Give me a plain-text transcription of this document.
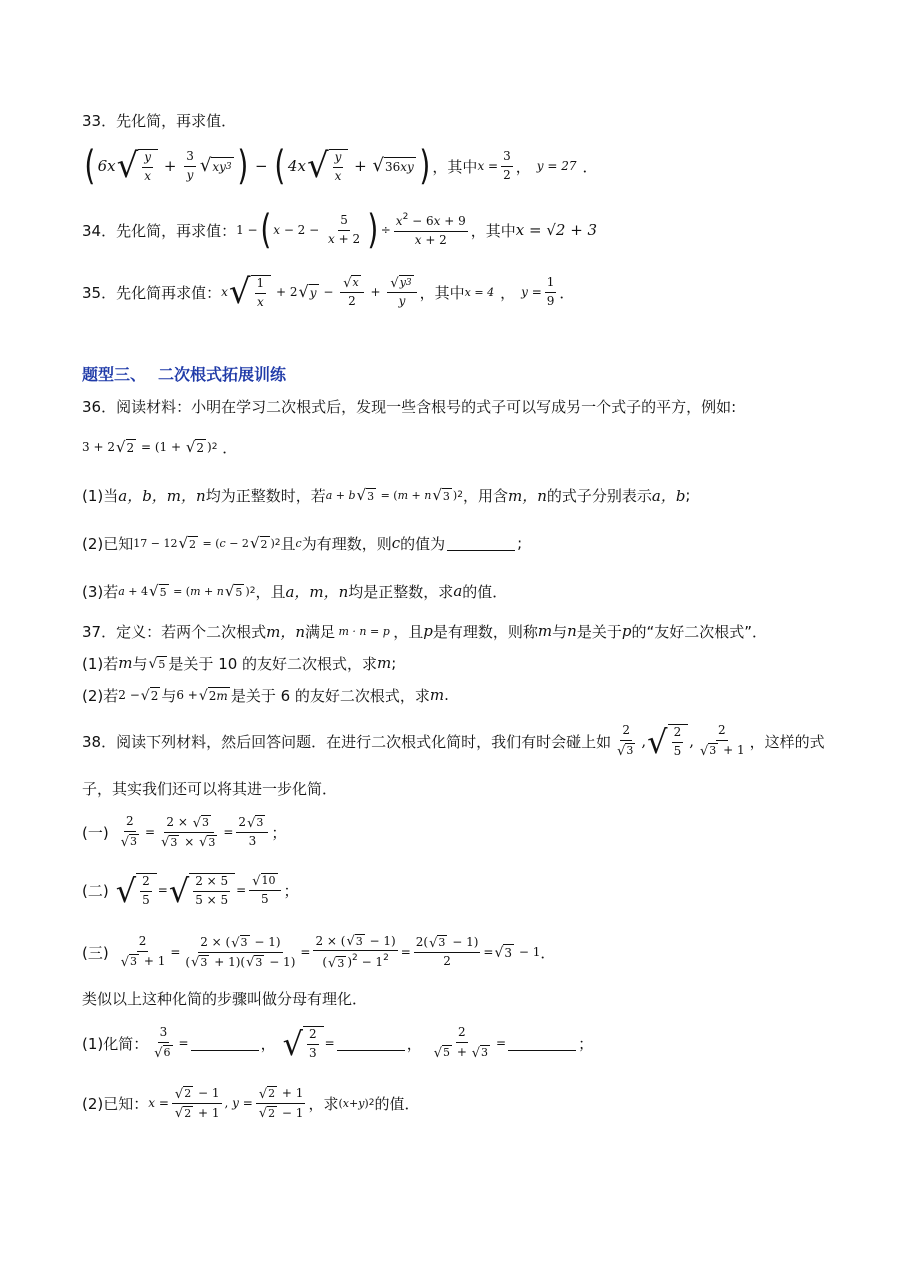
33．先化简，再求值．
( 6x √ $\frac{y}{x} + \frac{3}{y}$ √ xy 3 ) − ( 4x √ $\frac{y}{x}$ + √ 36 xy ) ，其中 $x = \frac{3}{2}$ ， y = 27 ．
34．先化简，再求值： 1 − ( $x - 2 - \frac{5}{x + 2}$ ) ÷ $\frac{x^2 - 6x + 9}{x + 2}$ ，其中 x = √2 + 3
35．先化简再求值： x √ $\frac{1}{x} + 2$ √ $y - \frac{√ x}{2} + \frac{√ y 3}{y}$ ，其中 x = 4 ， $y = \frac{1}{9}$ ．
题型三、 二次根式拓展训练
36．阅读材料：小明在学习二次根式后，发现一些含根号的式子可以写成另一个式子的平方，例如:
3 + 2 √ 2 = (1 + √ 2 ) 2 ．
(1)当 a，b，m，n 均为正整数时，若 a + b √ 3 = ( m + n √ 3 ) 2 ，用含 m，n 的式子分别表示 a，b ;
(2)已知 17 − 12 √ 2 = ( c − 2 √ 2 ) 2 且 c 为有理数，则 c 的值为	;
(3)若 a + 4 √ 5 = ( m + n √ 5 ) 2 ，且 a，m，n 均是正整数，求 a 的值．
37．定义：若两个二次根式 m，n 满足 m · n = p ，且 p 是有理数，则称 m 与 n 是关于 p 的“友好二次根式”．
(1)若 m 与 √ 5 是关于 10 的友好二次根式，求 m ;
(2)若 2 − √ 2 与 6 + √ 2 m 是关于 6 的友好二次根式，求 m .
38．阅读下列材料，然后回答问题．在进行二次根式化简时，我们有时会碰上如 $\frac{2}{√ 3}$ , √ $\frac{2}{5}$ , $\frac{2}{√ 3 + 1}$ ，这样的式
子，其实我们还可以将其进一步化简．
(一) $\frac{2}{√ 3} = \frac{2 \times √ 3}{√ 3 \times √ 3} = \frac{2 √ 3}{3}$ ；
(二) √ $\frac{2}{5}$ = √ $\frac{2 \times 5}{5 \times 5} = \frac{√ 10}{5}$ ；
(三) $\frac{2}{√ 3 + 1} = \frac{2 \times ( √ 3 - 1)}{( √ 3 + 1)( √ 3 - 1)} = \frac{2 \times ( √ 3 - 1)}{( √ 3 )^2 - 1^2} = \frac{2( √ 3 - 1)}{2}$ = √ 3 − 1 ．
类似以上这种化简的步骤叫做分母有理化．
(1)化简： $\frac{3}{√ 6}$ =	， √ $\frac{2}{3}$ =	， $\frac{2}{√ 5 + √ 3}$ =	；
(2)已知： $x = \frac{√ 2 - 1}{√ 2 + 1}$ , $y = \frac{√ 2 + 1}{√ 2 - 1}$ ，求 ( x + y ) 2 的值．
